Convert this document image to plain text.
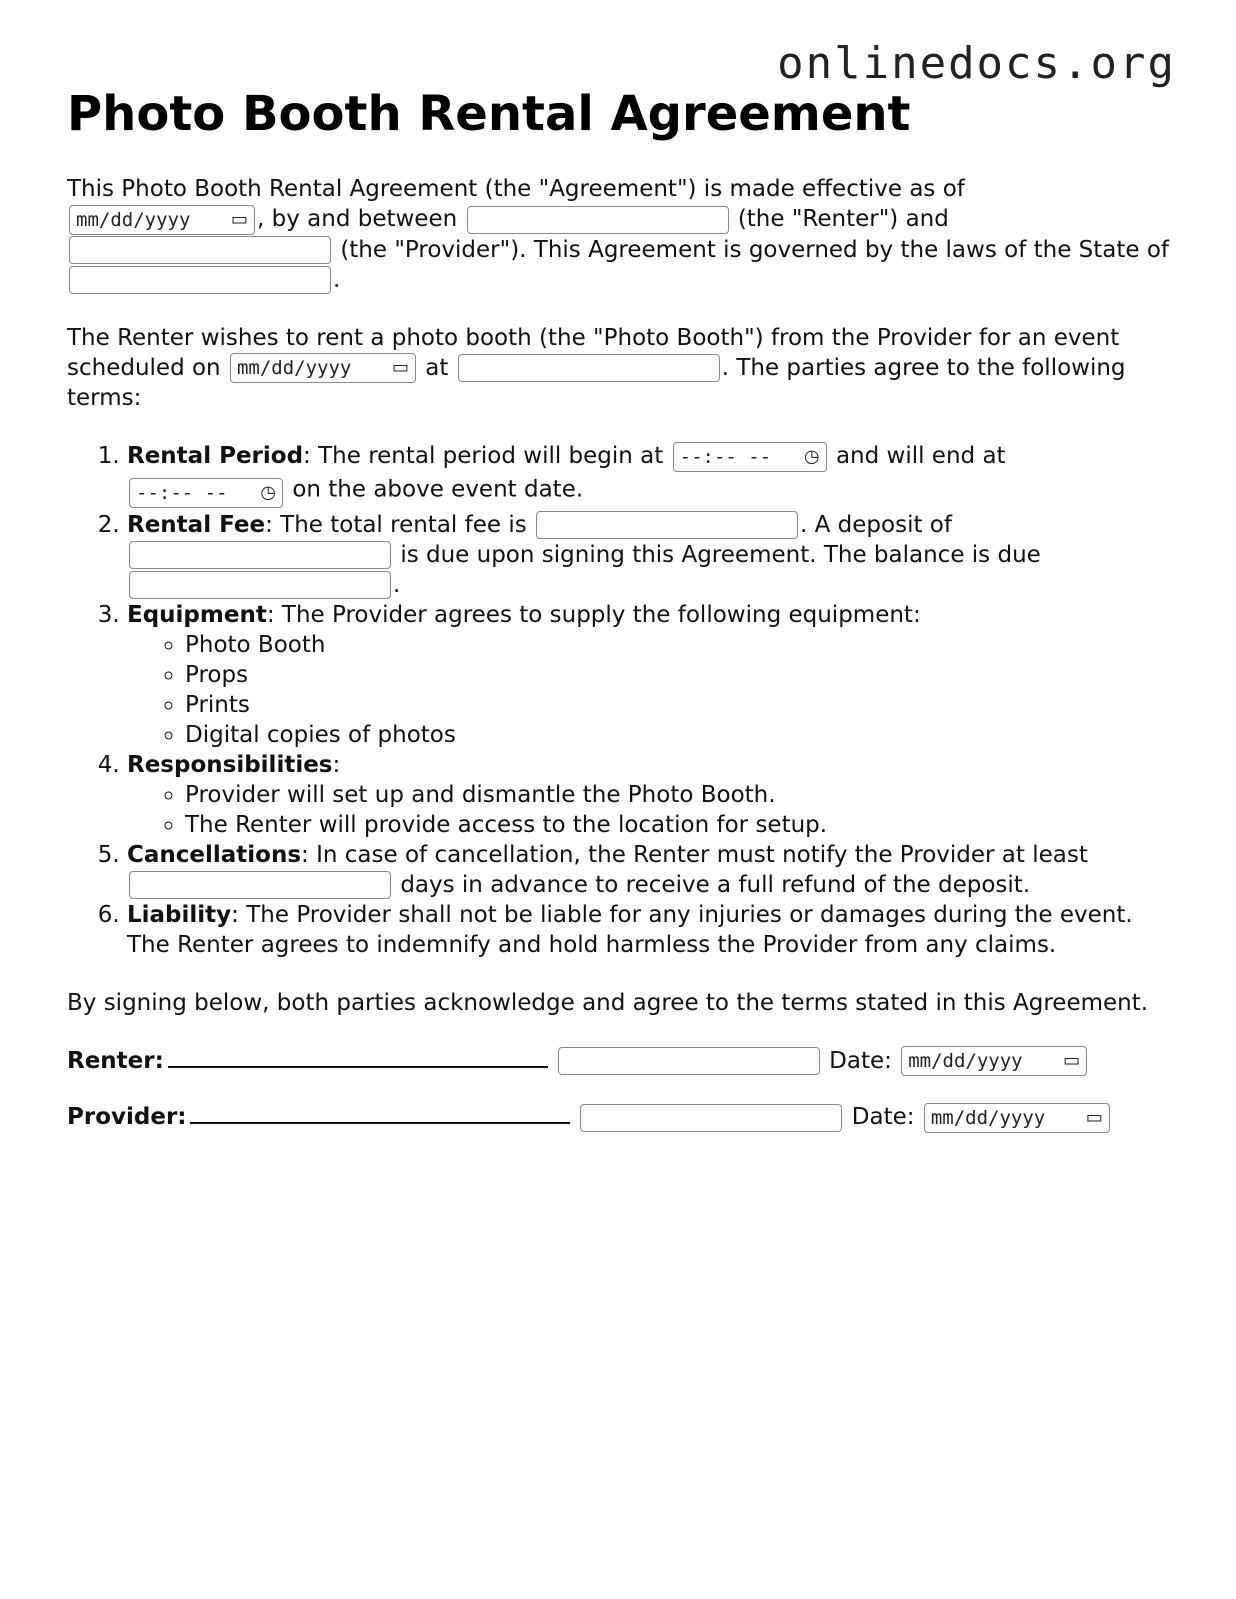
onlinedocs.org
Photo Booth Rental Agreement

This Photo Booth Rental Agreement (the "Agreement") is made effective as of

mm/dd/yyyy ▭ , by and between	(the "Renter") and
(the "Provider"). This Agreement is governed by the laws of the State of .

The Renter wishes to rent a photo booth (the "Photo Booth") from the Provider for an event scheduled on mm/dd/yyyy ▭ at	. The parties agree to the following terms:

1. Rental Period: The rental period will begin at --:-- -- ◷ and will end at

--:-- -- ◷ on the above event date.
2. Rental Fee: The total rental fee is	. A deposit of
is due upon signing this Agreement. The balance is due
.
3. Equipment: The Provider agrees to supply the following equipment:
◦ Photo Booth
◦ Props
◦ Prints
◦ Digital copies of photos
4. Responsibilities:
◦ Provider will set up and dismantle the Photo Booth.
◦ The Renter will provide access to the location for setup.
5. Cancellations: In case of cancellation, the Renter must notify the Provider at least
days in advance to receive a full refund of the deposit.
6. Liability: The Provider shall not be liable for any injuries or damages during the event. The Renter agrees to indemnify and hold harmless the Provider from any claims.

By signing below, both parties acknowledge and agree to the terms stated in this Agreement.

Renter:	Date: mm/dd/yyyy ▭
Provider:	Date: mm/dd/yyyy ▭
